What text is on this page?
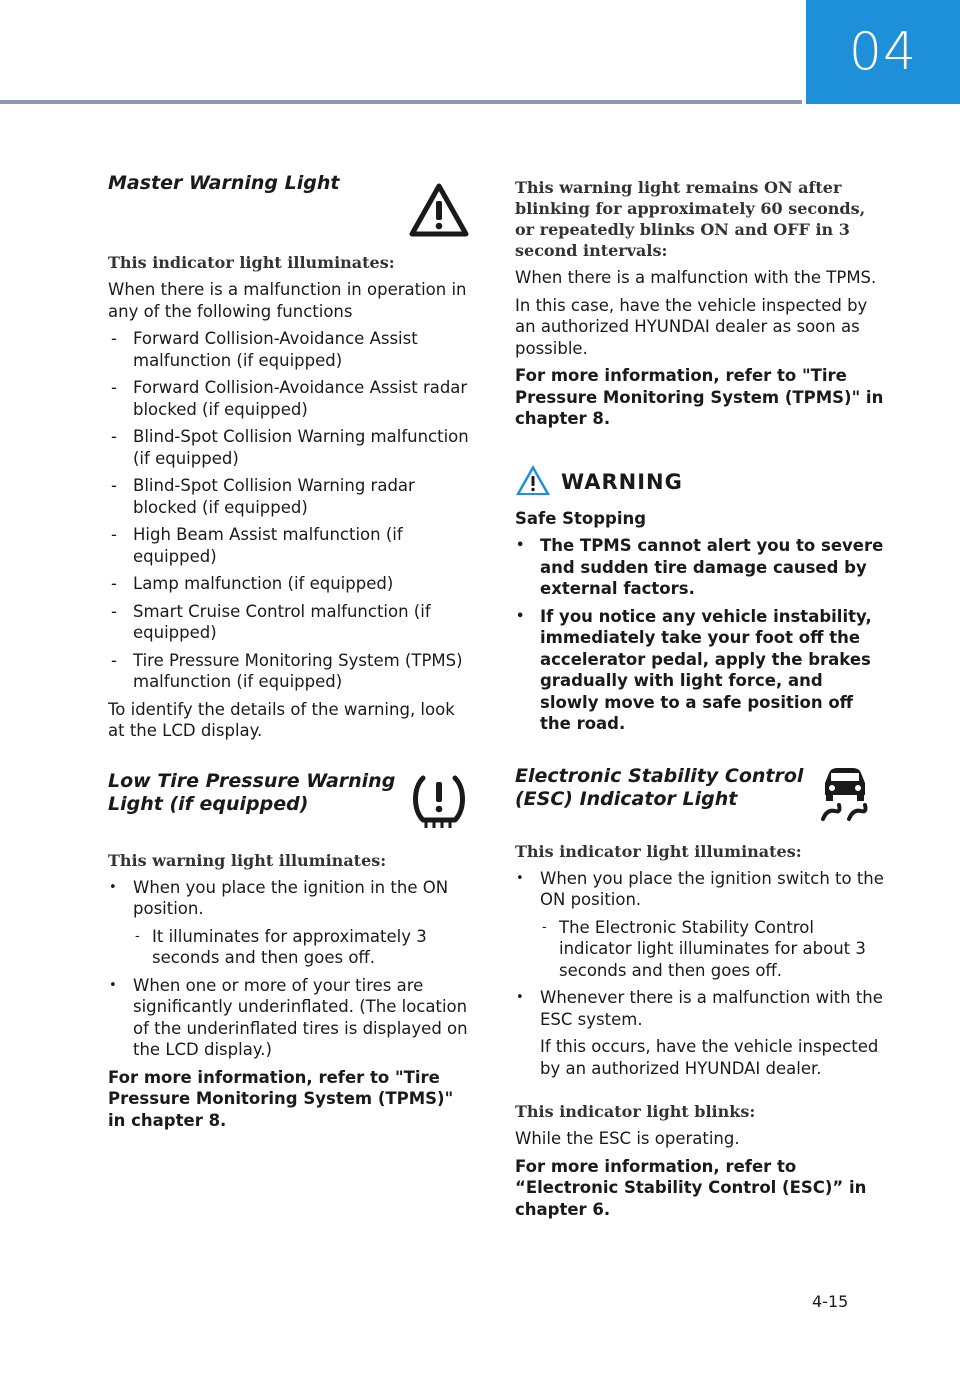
04
Master Warning Light
This indicator light illuminates:

When there is a malfunction in operation in any of the following functions

- Forward Collision-Avoidance Assist malfunction (if equipped)
- Forward Collision-Avoidance Assist radar blocked (if equipped)
- Blind-Spot Collision Warning malfunction (if equipped)
- Blind-Spot Collision Warning radar blocked (if equipped)
- High Beam Assist malfunction (if equipped)
- Lamp malfunction (if equipped)
- Smart Cruise Control malfunction (if equipped)
- Tire Pressure Monitoring System (TPMS) malfunction (if equipped)

To identify the details of the warning, look at the LCD display.

Low Tire Pressure Warning Light (if equipped)
This warning light illuminates:
• When you place the ignition in the ON position.
- It illuminates for approximately 3 seconds and then goes off.
• When one or more of your tires are significantly underinflated. (The location of the underinflated tires is displayed on the LCD display.)

For more information, refer to "Tire Pressure Monitoring System (TPMS)" in chapter 8.

This warning light remains ON after blinking for approximately 60 seconds, or repeatedly blinks ON and OFF in 3 second intervals:

When there is a malfunction with the TPMS.

In this case, have the vehicle inspected by an authorized HYUNDAI dealer as soon as possible.

For more information, refer to "Tire Pressure Monitoring System (TPMS)" in chapter 8.

WARNING

Safe Stopping

• The TPMS cannot alert you to severe and sudden tire damage caused by external factors.
• If you notice any vehicle instability, immediately take your foot off the accelerator pedal, apply the brakes gradually with light force, and slowly move to a safe position off the road.
Electronic Stability Control (ESC) Indicator Light
This indicator light illuminates:
• When you place the ignition switch to the ON position.
- The Electronic Stability Control indicator light illuminates for about 3 seconds and then goes off.
• Whenever there is a malfunction with the ESC system.

If this occurs, have the vehicle inspected by an authorized HYUNDAI dealer.

This indicator light blinks:

While the ESC is operating.

For more information, refer to “Electronic Stability Control (ESC)” in chapter 6.

4-15
